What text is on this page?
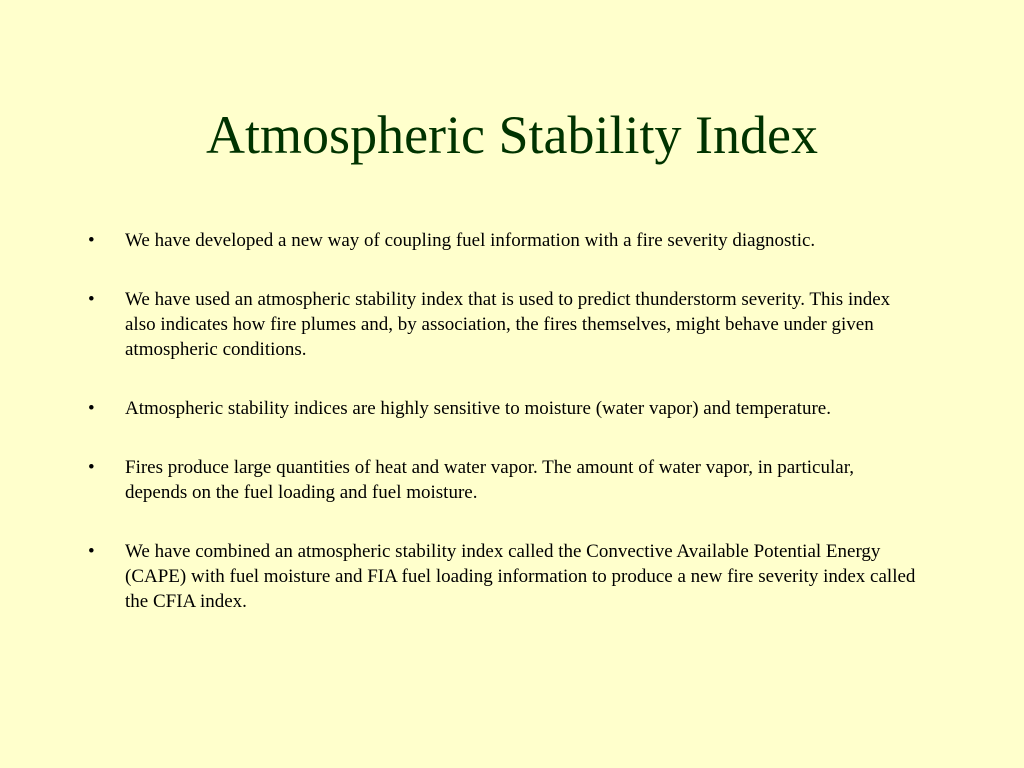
Atmospheric Stability Index
• We have developed a new way of coupling fuel information with a fire severity diagnostic.
• We have used an atmospheric stability index that is used to predict thunderstorm severity. This index also indicates how fire plumes and, by association, the fires themselves, might behave under given atmospheric conditions.
• Atmospheric stability indices are highly sensitive to moisture (water vapor) and temperature.
• Fires produce large quantities of heat and water vapor. The amount of water vapor, in particular, depends on the fuel loading and fuel moisture.
• We have combined an atmospheric stability index called the Convective Available Potential Energy (CAPE) with fuel moisture and FIA fuel loading information to produce a new fire severity index called the CFIA index.
